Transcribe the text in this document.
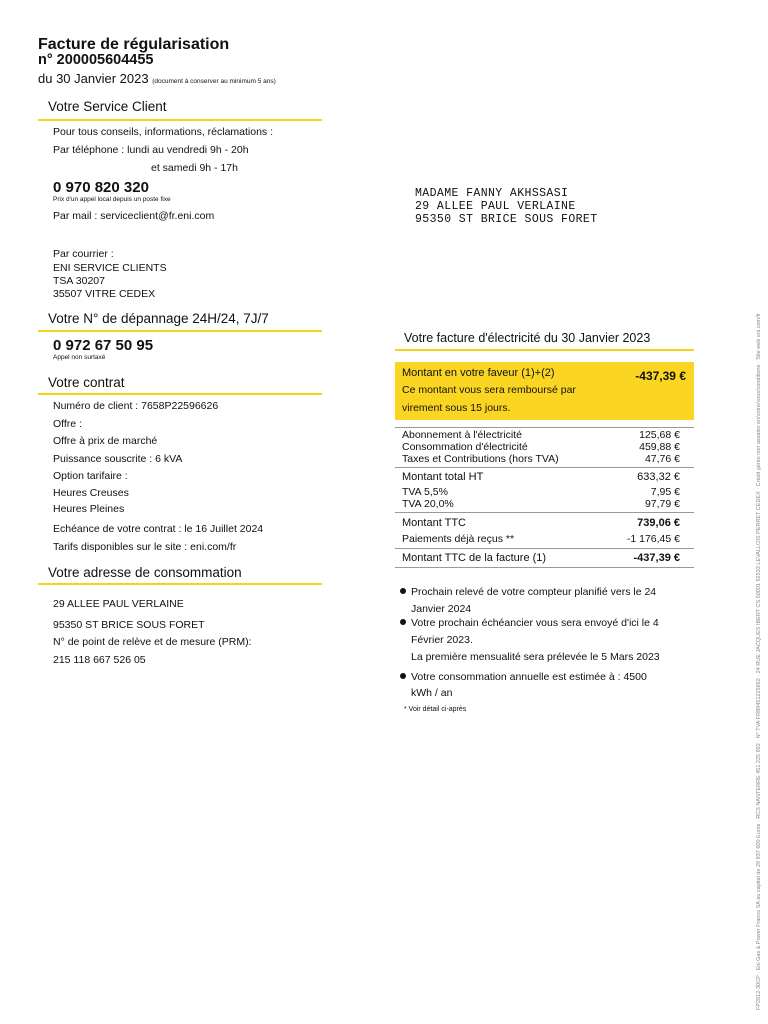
Facture de régularisation
n° 200005604455
du 30 Janvier 2023 (document à conserver au minimum 5 ans)
Votre Service Client
Pour tous conseils, informations, réclamations :
Par téléphone : lundi au vendredi 9h - 20h
et samedi 9h - 17h
0 970 820 320
Prix d'un appel local depuis un poste fixe
Par mail : serviceclient@fr.eni.com
Par courrier :
ENI SERVICE CLIENTS
TSA 30207
35507 VITRE CEDEX
Votre N° de dépannage 24H/24, 7J/7
0 972 67 50 95
Appel non surtaxé
Votre contrat
Numéro de client : 7658P22596626
Offre :
Offre à prix de marché
Puissance souscrite : 6 kVA
Option tarifaire :
Heures Creuses
Heures Pleines
Echéance de votre contrat : le 16 Juillet 2024
Tarifs disponibles sur le site : eni.com/fr
Votre adresse de consommation
29 ALLEE PAUL VERLAINE
95350 ST BRICE SOUS FORET
N° de point de relève et de mesure (PRM):
215 118 667 526 05
MADAME FANNY AKHSSASI
29 ALLEE PAUL VERLAINE
95350 ST BRICE SOUS FORET
Votre facture d'électricité du 30 Janvier 2023
Montant en votre faveur (1)+(2)	-437,39 €
Ce montant vous sera remboursé par
virement sous 15 jours.
Abonnement à l'électricité	125,68 €
Consommation d'électricité	459,88 €
Taxes et Contributions (hors TVA)	47,76 €
Montant total HT	633,32 €
TVA 5,5%	7,95 €
TVA 20,0%	97,79 €
Montant TTC	739,06 €
Paiements déjà reçus **	-1 176,45 €
Montant TTC de la facture (1)	-437,39 €
Prochain relevé de votre compteur planifié vers le 24
Janvier 2024
Votre prochain échéancier vous sera envoyé d'ici le 4
Février 2023.
La première mensualité sera prélevée le 5 Mars 2023
Votre consommation annuelle est estimée à : 4500
kWh / an
* Voir détail ci-après	FP2012-30CP · Eni Gas & Power France SA au capital de 29 937 600 Euros · RCS NANTERRE 451 225 692 · N° TVA FR89451225692 · 24 RUE JACQUES IBERT CS 50001 92533 LEVALLOIS PERRET CEDEX · Crédit gérés non assaiso en/votre/vous/conditions · Site web eni.com/fr
